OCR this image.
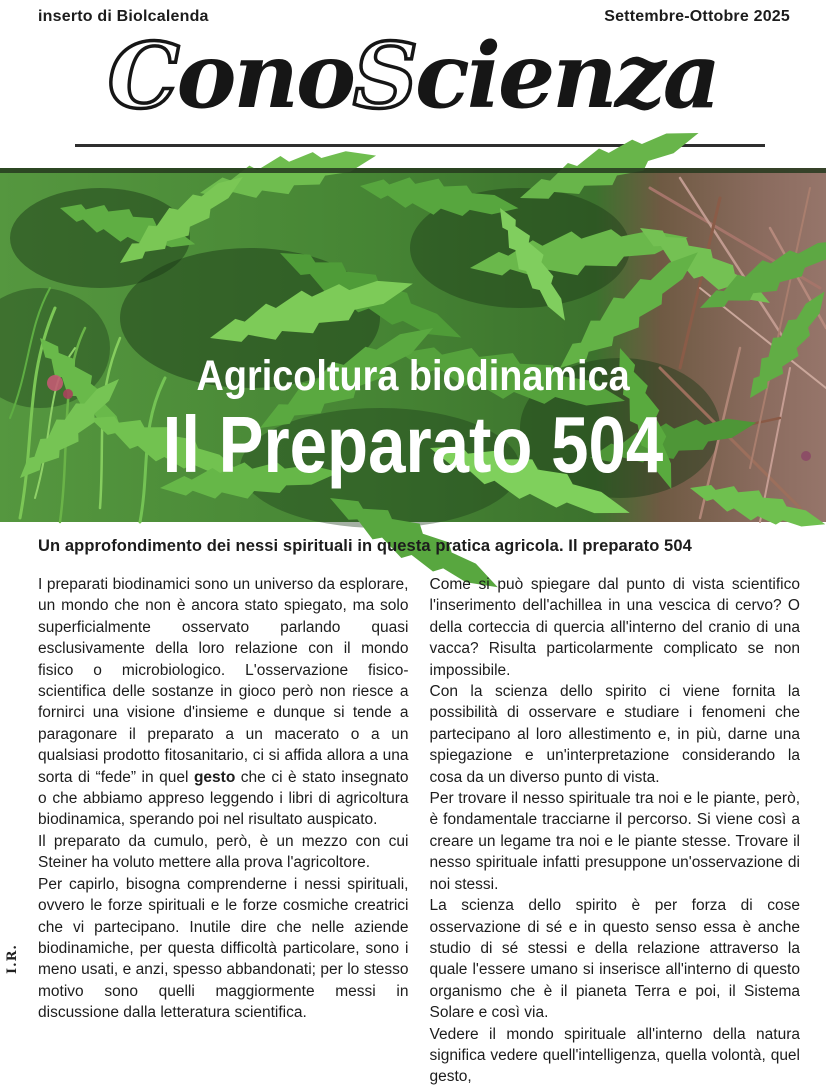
inserto di Biolcalenda	Settembre-Ottobre 2025
ConoScienza
Agricoltura biodinamica
Il Preparato 504
Un approfondimento dei nessi spirituali in questa pratica agricola. Il preparato 504

I preparati biodinamici sono un universo da esplorare, un mondo che non è ancora stato spiegato, ma solo superficialmente osservato parlando quasi esclusivamente della loro relazione con il mondo fisico o microbiologico. L'osservazione fisico-scientifica delle sostanze in gioco però non riesce a fornirci una visione d'insieme e dunque si tende a paragonare il preparato a un macerato o a un qualsiasi prodotto fitosanitario, ci si affida allora a una sorta di “fede” in quel gesto che ci è stato insegnato o che abbiamo appreso leggendo i libri di agricoltura biodinamica, sperando poi nel risultato auspicato.

Il preparato da cumulo, però, è un mezzo con cui Steiner ha voluto mettere alla prova l'agricoltore.

Per capirlo, bisogna comprenderne i nessi spirituali, ovvero le forze spirituali e le forze cosmiche creatrici che vi partecipano. Inutile dire che nelle aziende biodinamiche, per questa difficoltà particolare, sono i meno usati, e anzi, spesso abbandonati; per lo stesso motivo sono quelli maggiormente messi in discussione dalla letteratura scientifica.

Come si può spiegare dal punto di vista scientifico l'inserimento dell'achillea in una vescica di cervo? O della corteccia di quercia all'interno del cranio di una vacca? Risulta particolarmente complicato se non impossibile.

Con la scienza dello spirito ci viene fornita la possibilità di osservare e studiare i fenomeni che partecipano al loro allestimento e, in più, darne una spiegazione e un'interpretazione considerando la cosa da un diverso punto di vista.

Per trovare il nesso spirituale tra noi e le piante, però, è fondamentale tracciarne il percorso. Si viene così a creare un legame tra noi e le piante stesse. Trovare il nesso spirituale infatti presuppone un'osservazione di noi stessi.

La scienza dello spirito è per forza di cose osservazione di sé e in questo senso essa è anche studio di sé stessi e della relazione attraverso la quale l'essere umano si inserisce all'interno di questo organismo che è il pianeta Terra e poi, il Sistema Solare e così via.

Vedere il mondo spirituale all'interno della natura significa vedere quell'intelligenza, quella volontà, quel gesto,

I.R.
